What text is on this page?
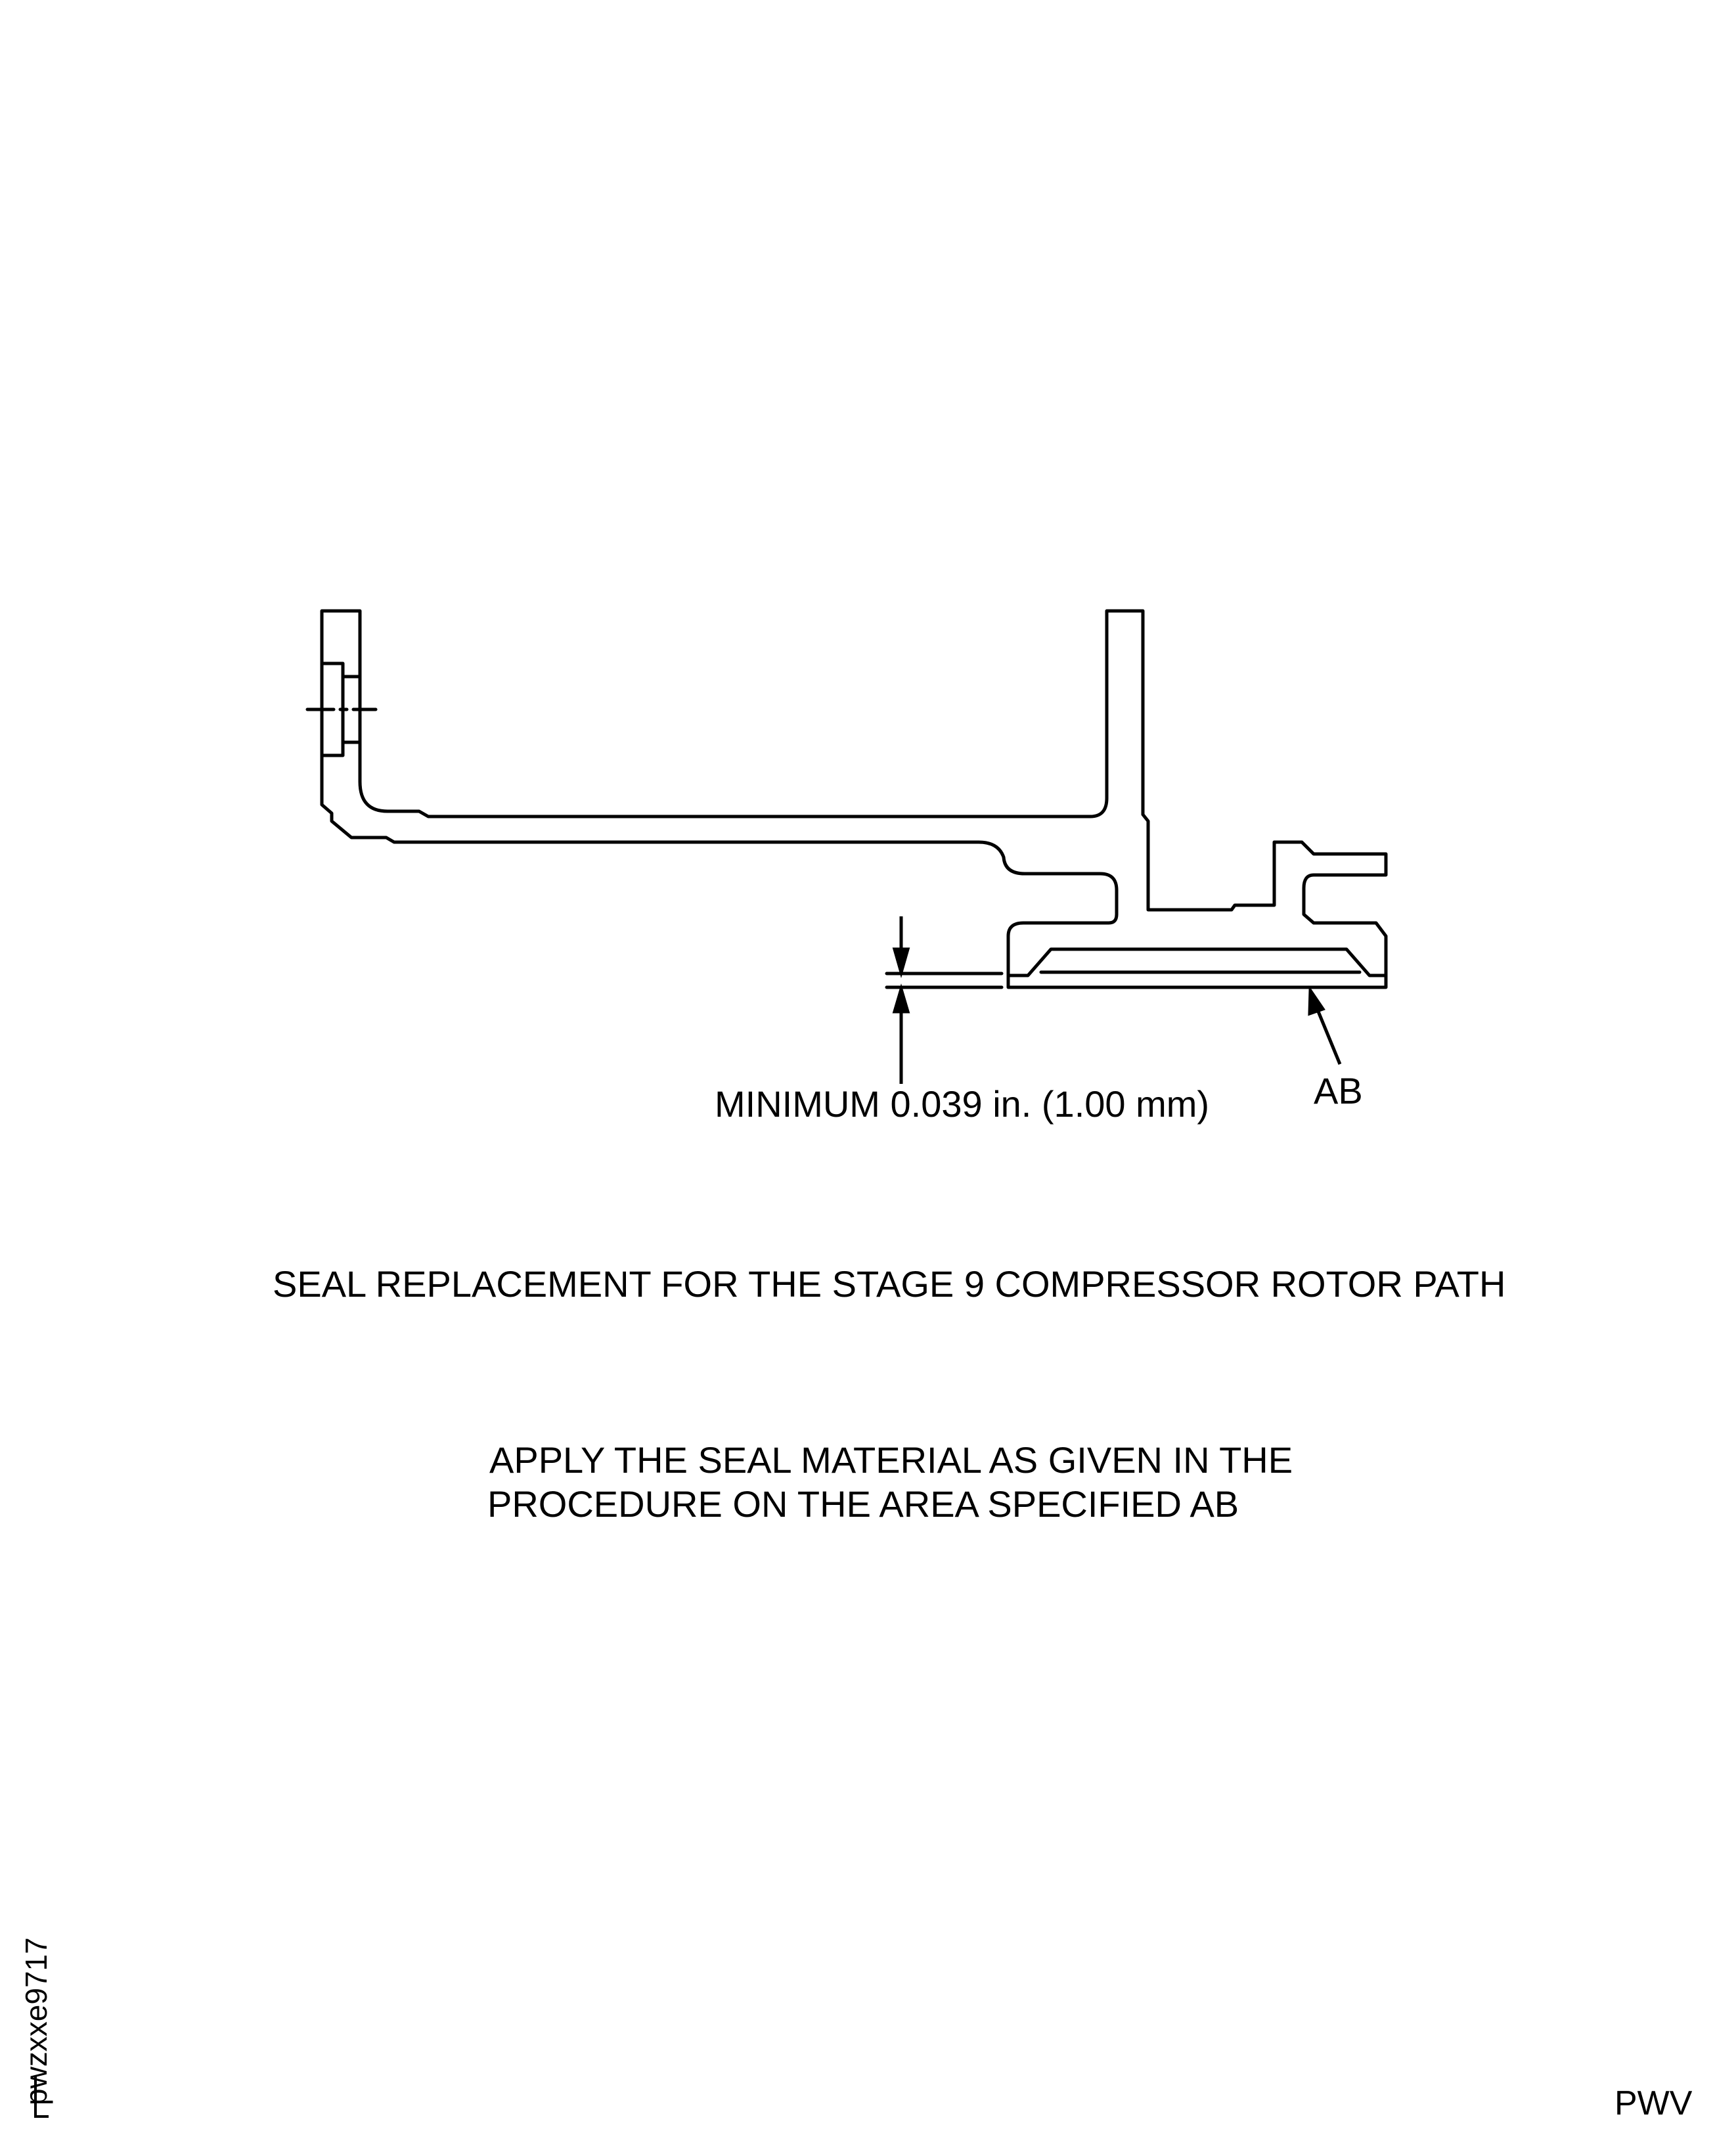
MINIMUM 0.039 in. (1.00 mm)	AB
SEAL REPLACEMENT FOR THE STAGE 9 COMPRESSOR ROTOR PATH
APPLY THE SEAL MATERIAL AS GIVEN IN THE
PROCEDURE ON THE AREA SPECIFIED AB
pwzxxe9717	PWV
